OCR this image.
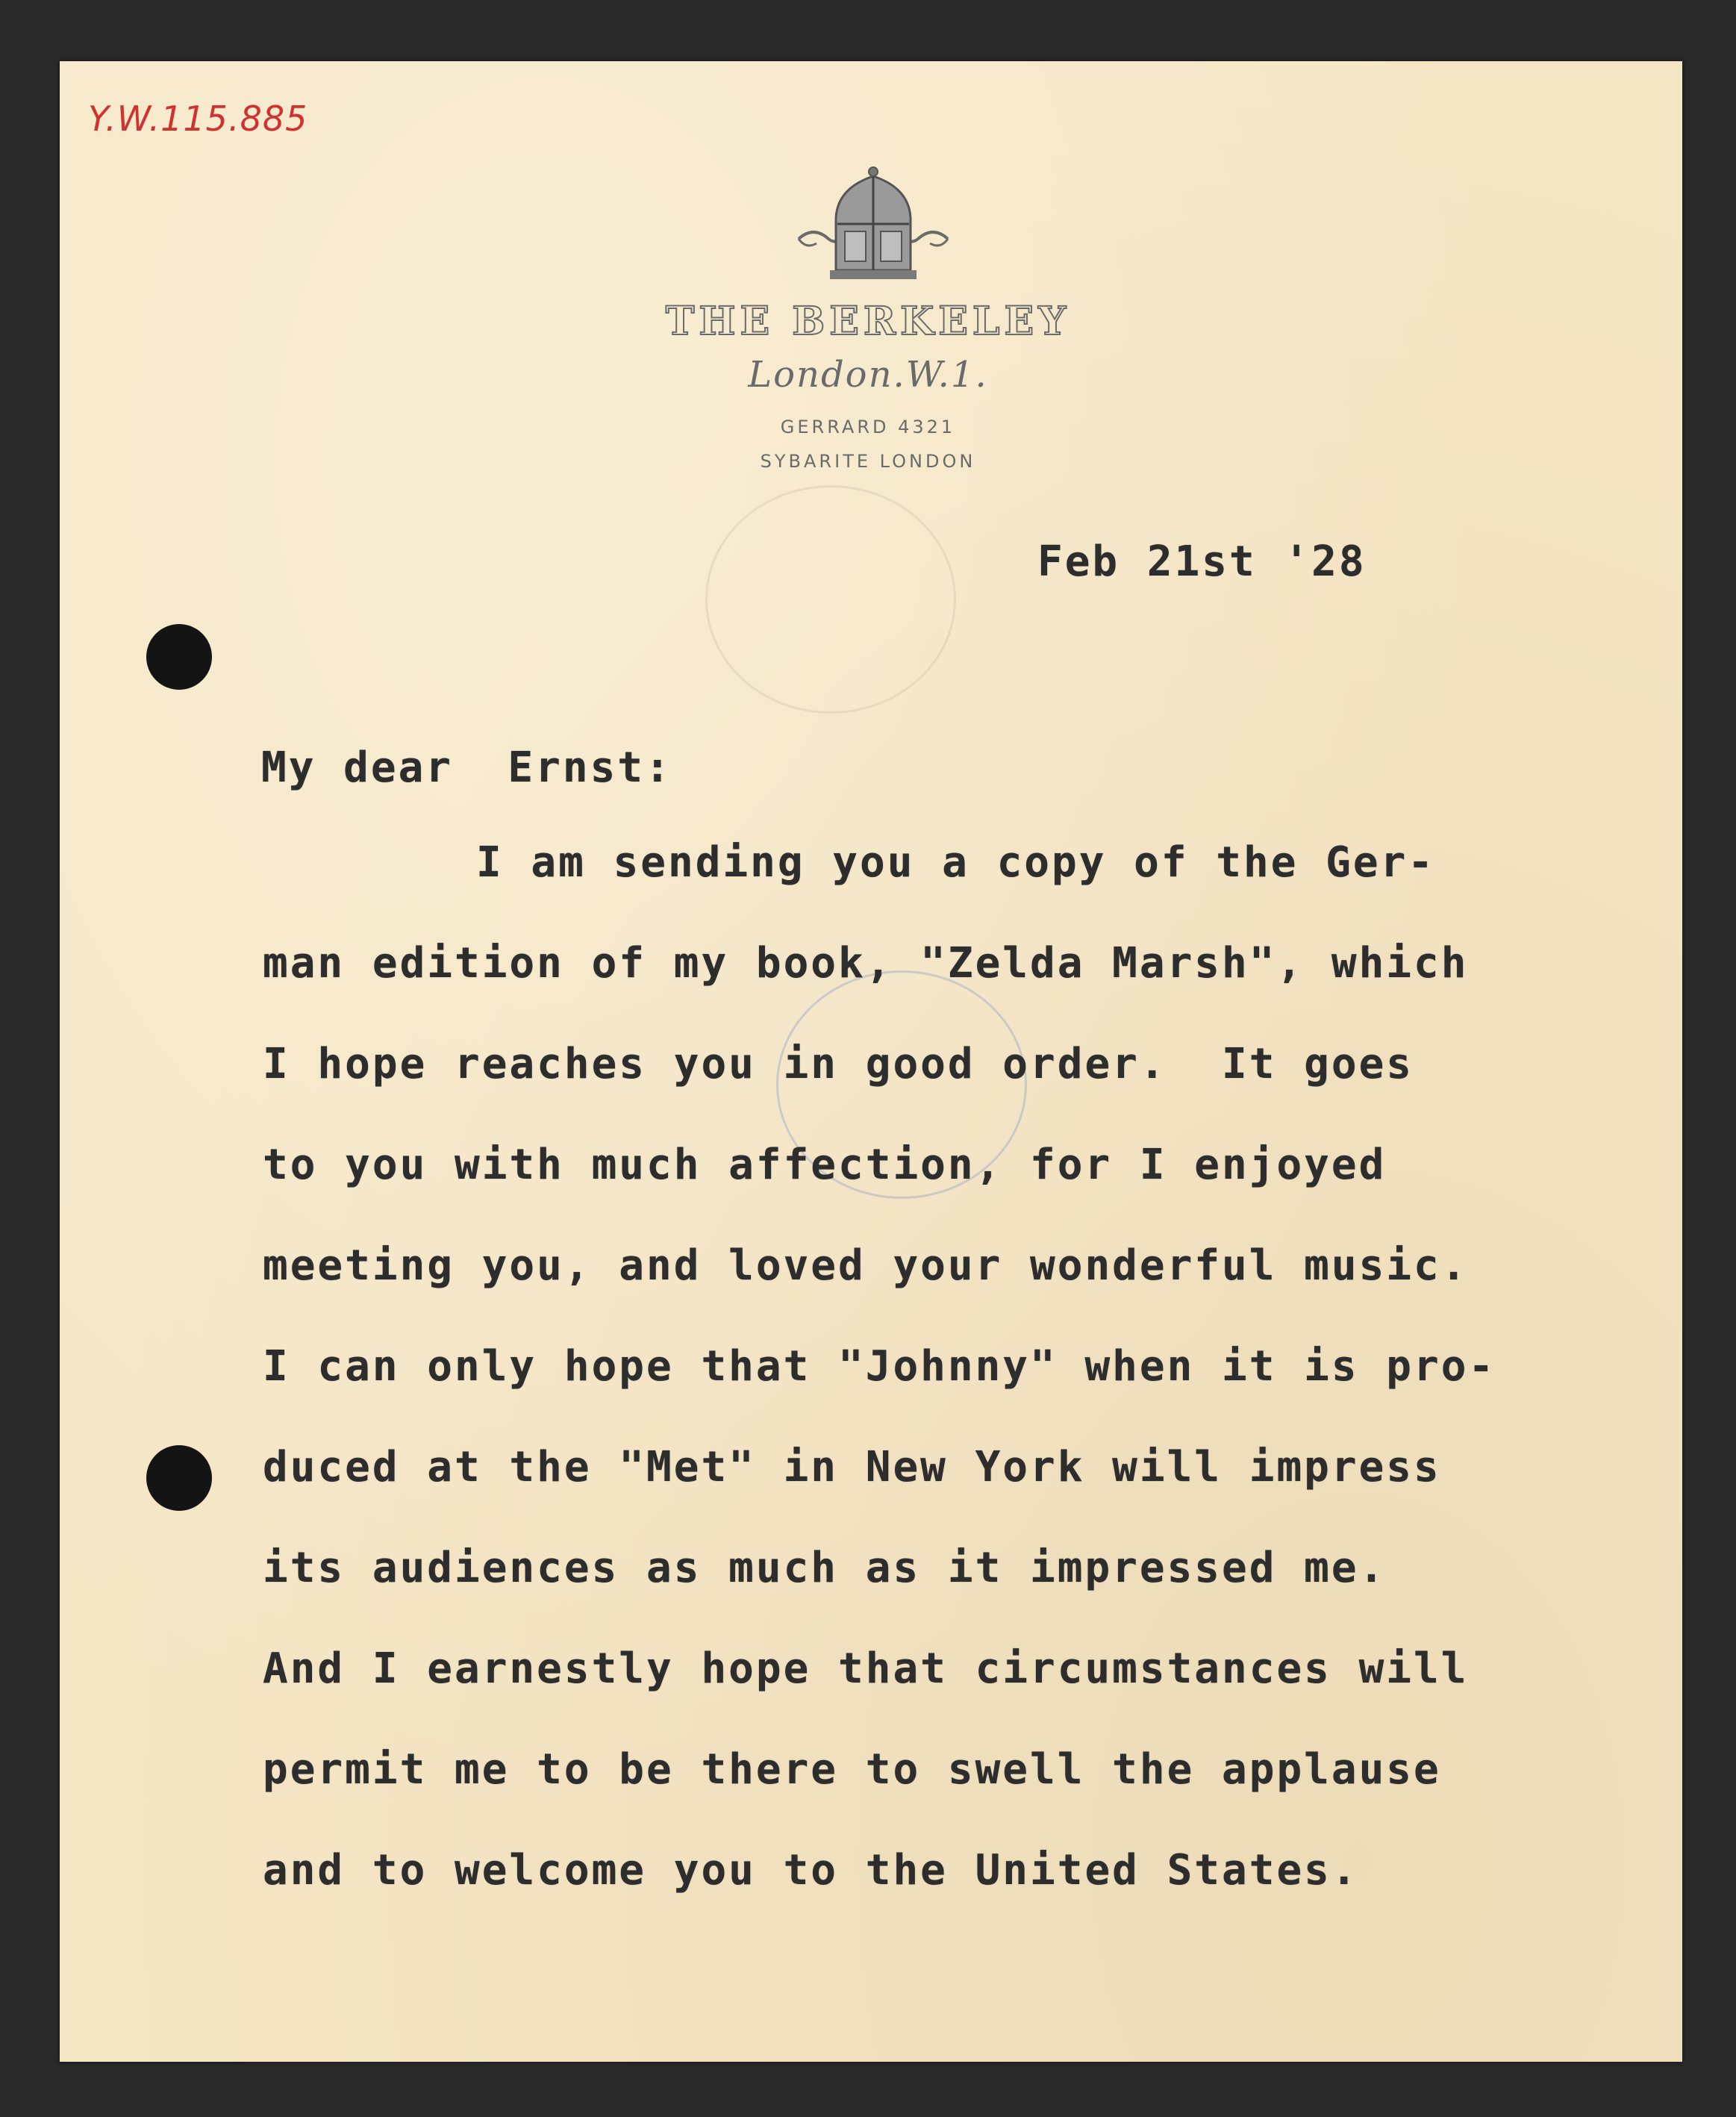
Y.W.115.885
THE BERKELEY
London.W.1.
GERRARD 4321
SYBARITE LONDON
Feb 21st '28
My dear  Ernst:
I am sending you a copy of the Ger-
man edition of my book, "Zelda Marsh", which
I hope reaches you in good order.  It goes
to you with much affection, for I enjoyed
meeting you, and loved your wonderful music.
I can only hope that "Johnny" when it is pro-
duced at the "Met" in New York will impress
its audiences as much as it impressed me.
And I earnestly hope that circumstances will
permit me to be there to swell the applause
and to welcome you to the United States.
